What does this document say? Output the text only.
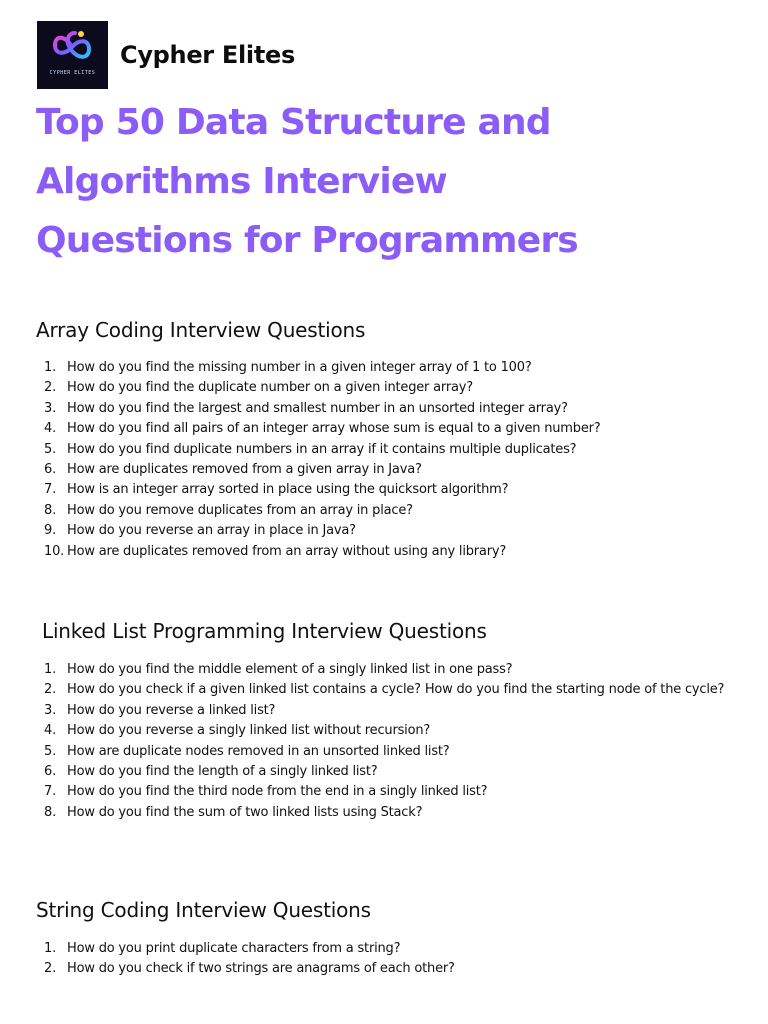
CYPHER ELITES
Cypher Elites
Top 50 Data Structure and
Algorithms Interview
Questions for Programmers
Array Coding Interview Questions
1. How do you find the missing number in a given integer array of 1 to 100?
2. How do you find the duplicate number on a given integer array?
3. How do you find the largest and smallest number in an unsorted integer array?
4. How do you find all pairs of an integer array whose sum is equal to a given number?
5. How do you find duplicate numbers in an array if it contains multiple duplicates?
6. How are duplicates removed from a given array in Java?
7. How is an integer array sorted in place using the quicksort algorithm?
8. How do you remove duplicates from an array in place?
9. How do you reverse an array in place in Java?
10. How are duplicates removed from an array without using any library?
Linked List Programming Interview Questions
1. How do you find the middle element of a singly linked list in one pass?
2. How do you check if a given linked list contains a cycle? How do you find the starting node of the cycle?
3. How do you reverse a linked list?
4. How do you reverse a singly linked list without recursion?
5. How are duplicate nodes removed in an unsorted linked list?
6. How do you find the length of a singly linked list?
7. How do you find the third node from the end in a singly linked list?
8. How do you find the sum of two linked lists using Stack?
String Coding Interview Questions
1. How do you print duplicate characters from a string?
2. How do you check if two strings are anagrams of each other?
